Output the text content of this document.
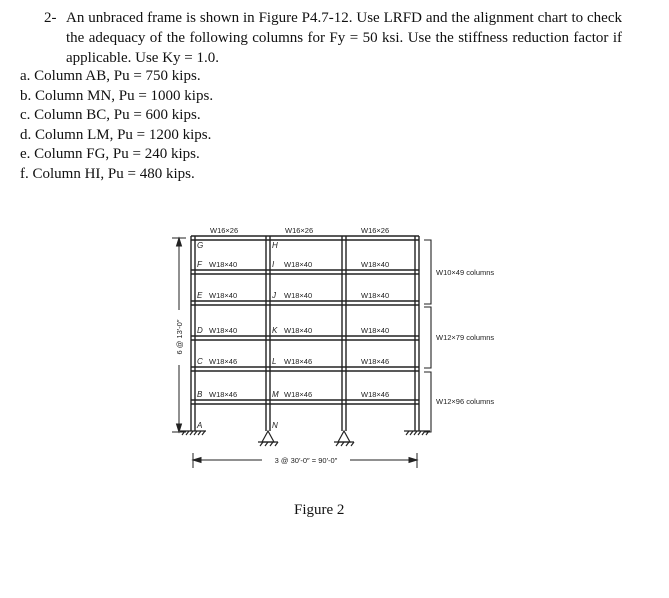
2- An unbraced frame is shown in Figure P4.7-12. Use LRFD and the alignment chart to check the adequacy of the following columns for Fy = 50 ksi. Use the stiffness reduction factor if applicable. Use Ky = 1.0.
a. Column AB, Pu = 750 kips.
b. Column MN, Pu = 1000 kips.
c. Column BC, Pu = 600 kips.
d. Column LM, Pu = 1200 kips.
e. Column FG, Pu = 240 kips.
f. Column HI, Pu = 480 kips.
W16×26	W16×26	W16×26
W18×40	W18×40	W18×40
W18×40	W18×40	W18×40
W18×40	W18×40	W18×40
W18×46	W18×46	W18×46
W18×46	W18×46	W18×46
G
F
E
D
C
B
A
H
I
J
K
L
M
N
W10×49 columns
W12×79 columns
W12×96 columns
6 @ 13′-0″
3 @ 30′-0″ = 90′-0″
Figure 2
